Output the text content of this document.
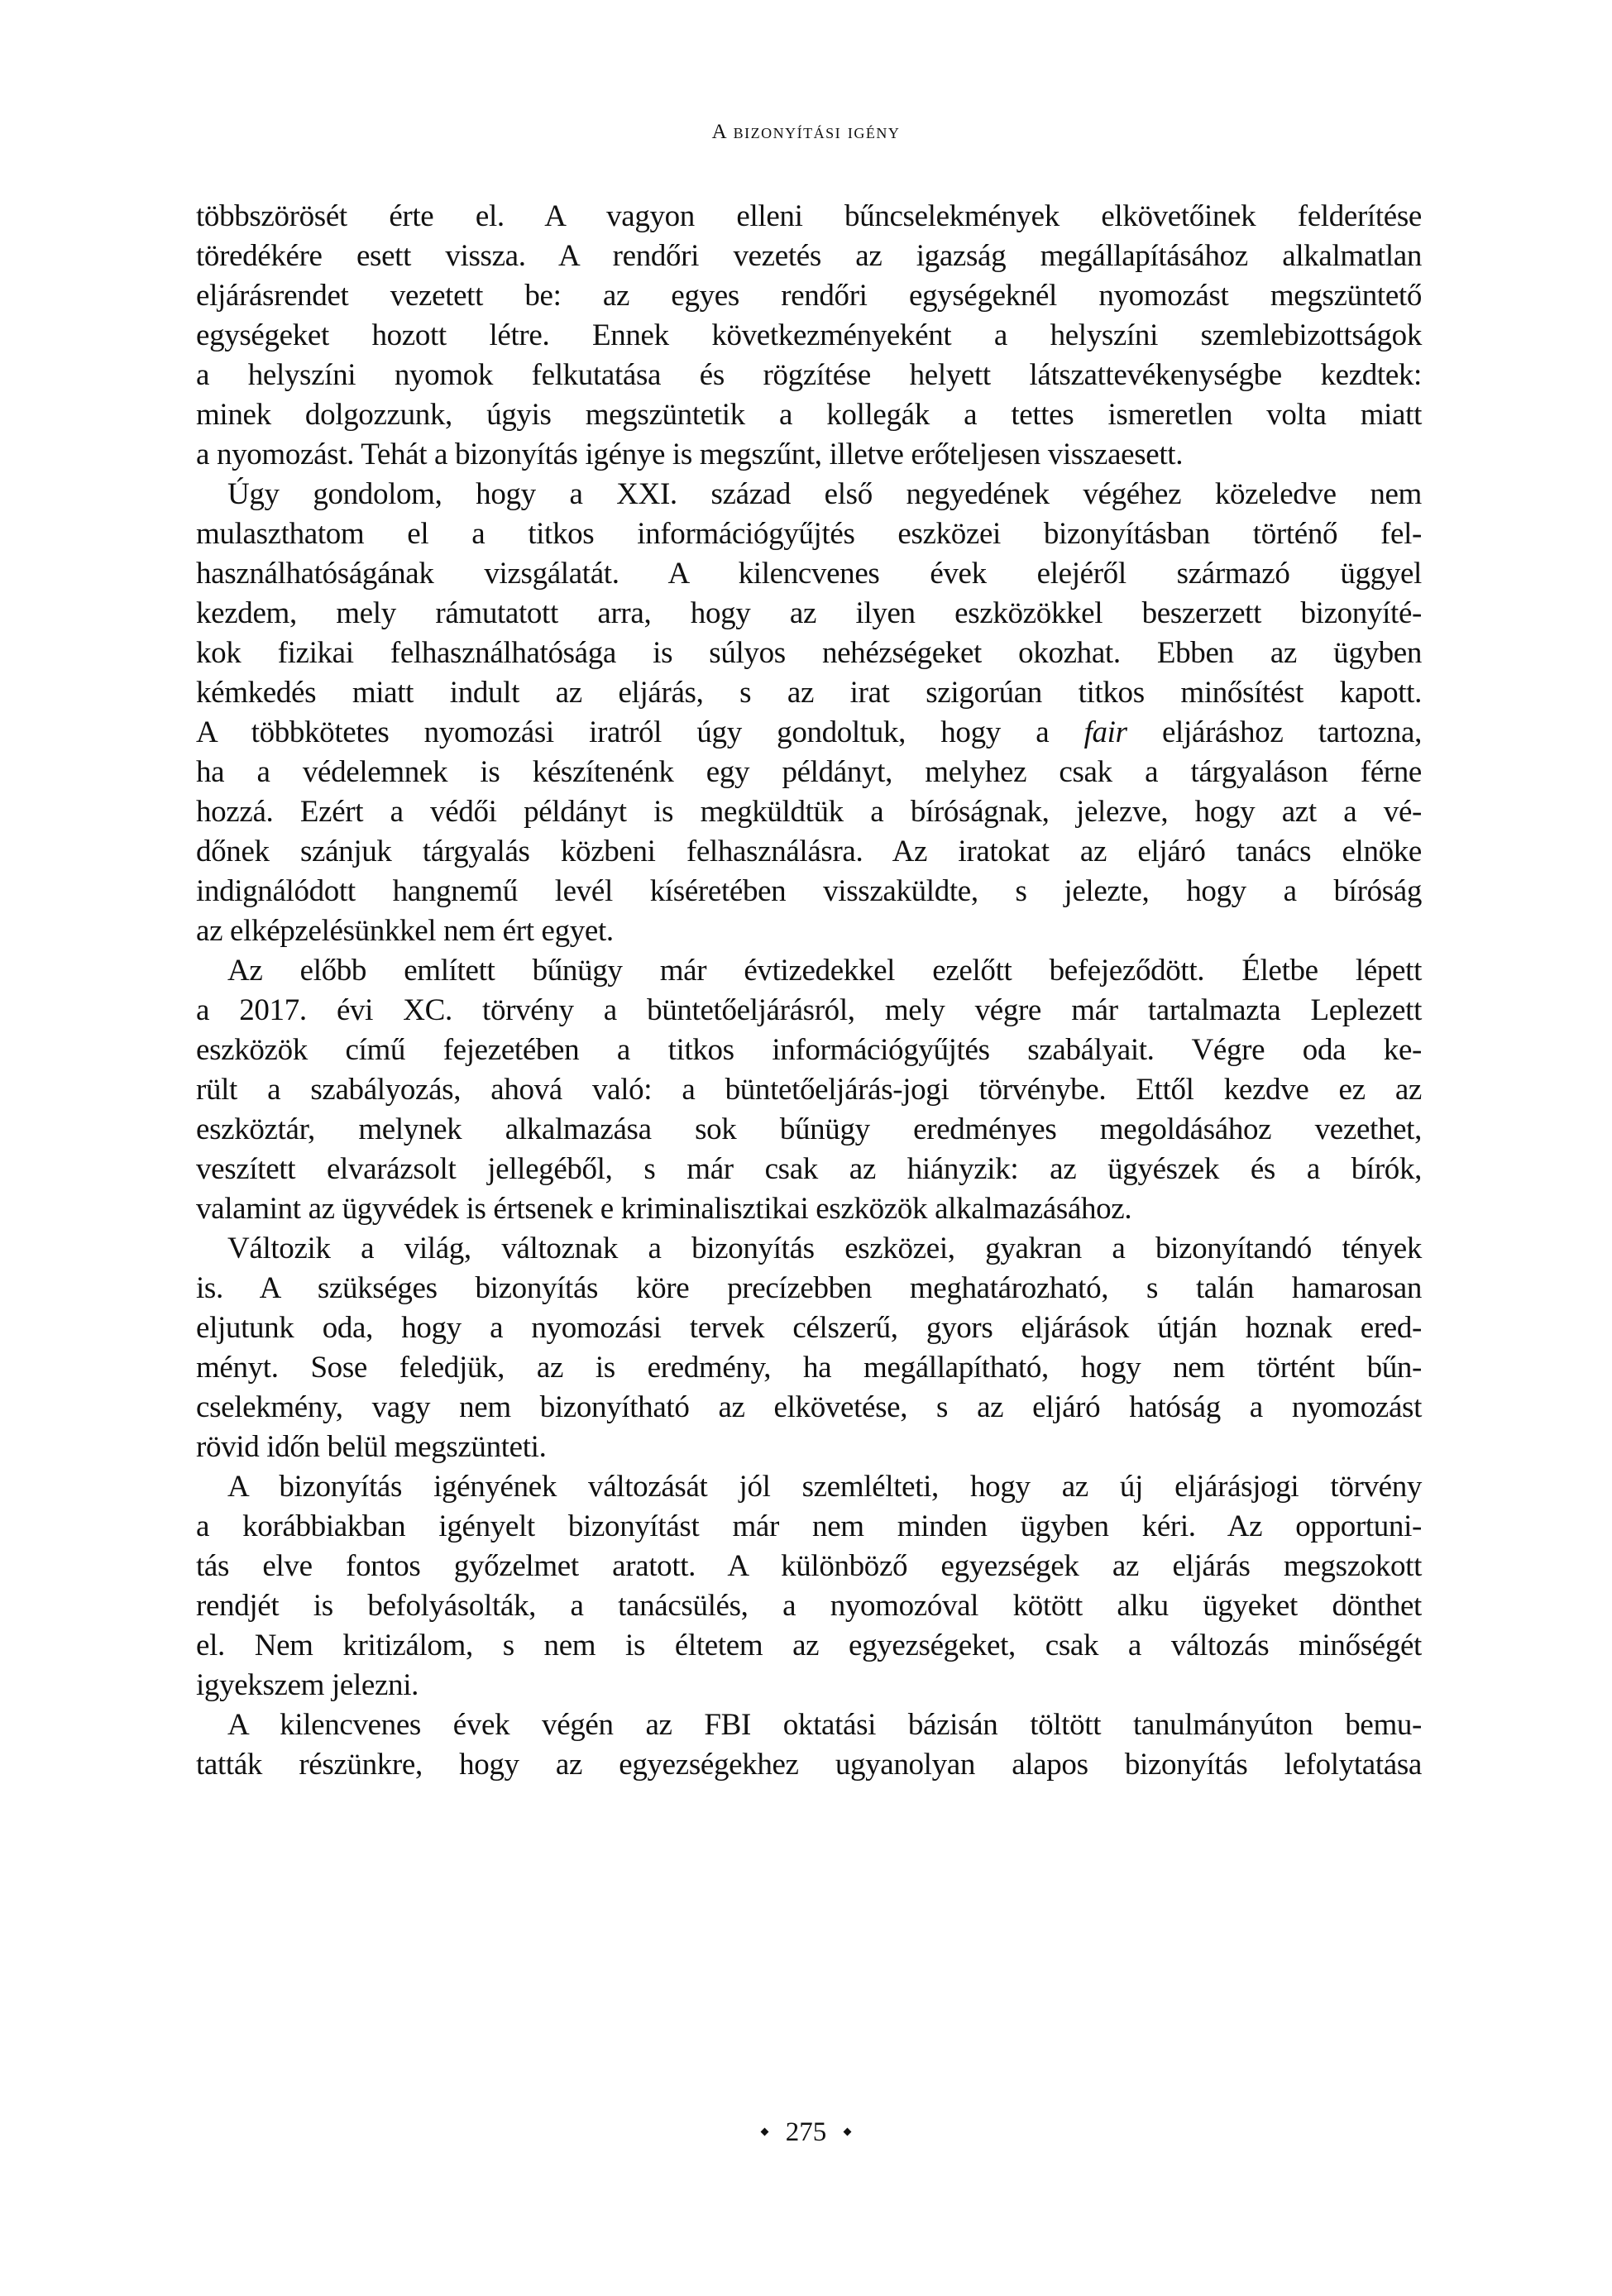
A bizonyítási igény
többszörösét érte el. A vagyon elleni bűncselekmények elkövetőinek felderítése
töredékére esett vissza. A rendőri vezetés az igazság megállapításához alkalmatlan
eljárásrendet vezetett be: az egyes rendőri egységeknél nyomozást megszüntető
egységeket hozott létre. Ennek következményeként a helyszíni szemlebizottságok
a helyszíni nyomok felkutatása és rögzítése helyett látszattevékenységbe kezdtek:
minek dolgozzunk, úgyis megszüntetik a kollegák a tettes ismeretlen volta miatt
a nyomozást. Tehát a bizonyítás igénye is megszűnt, illetve erőteljesen visszaesett.
Úgy gondolom, hogy a XXI. század első negyedének végéhez közeledve nem
mulaszthatom el a titkos információgyűjtés eszközei bizonyításban történő fel-
használhatóságának vizsgálatát. A kilencvenes évek elejéről származó üggyel
kezdem, mely rámutatott arra, hogy az ilyen eszközökkel beszerzett bizonyíté-
kok fizikai felhasználhatósága is súlyos nehézségeket okozhat. Ebben az ügyben
kémkedés miatt indult az eljárás, s az irat szigorúan titkos minősítést kapott.
A többkötetes nyomozási iratról úgy gondoltuk, hogy a fair eljáráshoz tartozna,
ha a védelemnek is készítenénk egy példányt, melyhez csak a tárgyaláson férne
hozzá. Ezért a védői példányt is megküldtük a bíróságnak, jelezve, hogy azt a vé-
dőnek szánjuk tárgyalás közbeni felhasználásra. Az iratokat az eljáró tanács elnöke
indignálódott hangnemű levél kíséretében visszaküldte, s jelezte, hogy a bíróság
az elképzelésünkkel nem ért egyet.
Az előbb említett bűnügy már évtizedekkel ezelőtt befejeződött. Életbe lépett
a 2017. évi XC. törvény a büntetőeljárásról, mely végre már tartalmazta Leplezett
eszközök című fejezetében a titkos információgyűjtés szabályait. Végre oda ke-
rült a szabályozás, ahová való: a büntetőeljárás-jogi törvénybe. Ettől kezdve ez az
eszköztár, melynek alkalmazása sok bűnügy eredményes megoldásához vezethet,
veszített elvarázsolt jellegéből, s már csak az hiányzik: az ügyészek és a bírók,
valamint az ügyvédek is értsenek e kriminalisztikai eszközök alkalmazásához.
Változik a világ, változnak a bizonyítás eszközei, gyakran a bizonyítandó tények
is. A szükséges bizonyítás köre precízebben meghatározható, s talán hamarosan
eljutunk oda, hogy a nyomozási tervek célszerű, gyors eljárások útján hoznak ered-
ményt. Sose feledjük, az is eredmény, ha megállapítható, hogy nem történt bűn-
cselekmény, vagy nem bizonyítható az elkövetése, s az eljáró hatóság a nyomozást
rövid időn belül megszünteti.
A bizonyítás igényének változását jól szemlélteti, hogy az új eljárásjogi törvény
a korábbiakban igényelt bizonyítást már nem minden ügyben kéri. Az opportuni-
tás elve fontos győzelmet aratott. A különböző egyezségek az eljárás megszokott
rendjét is befolyásolták, a tanácsülés, a nyomozóval kötött alku ügyeket dönthet
el. Nem kritizálom, s nem is éltetem az egyezségeket, csak a változás minőségét
igyekszem jelezni.
A kilencvenes évek végén az FBI oktatási bázisán töltött tanulmányúton bemu-
tatták részünkre, hogy az egyezségekhez ugyanolyan alapos bizonyítás lefolytatása
275
